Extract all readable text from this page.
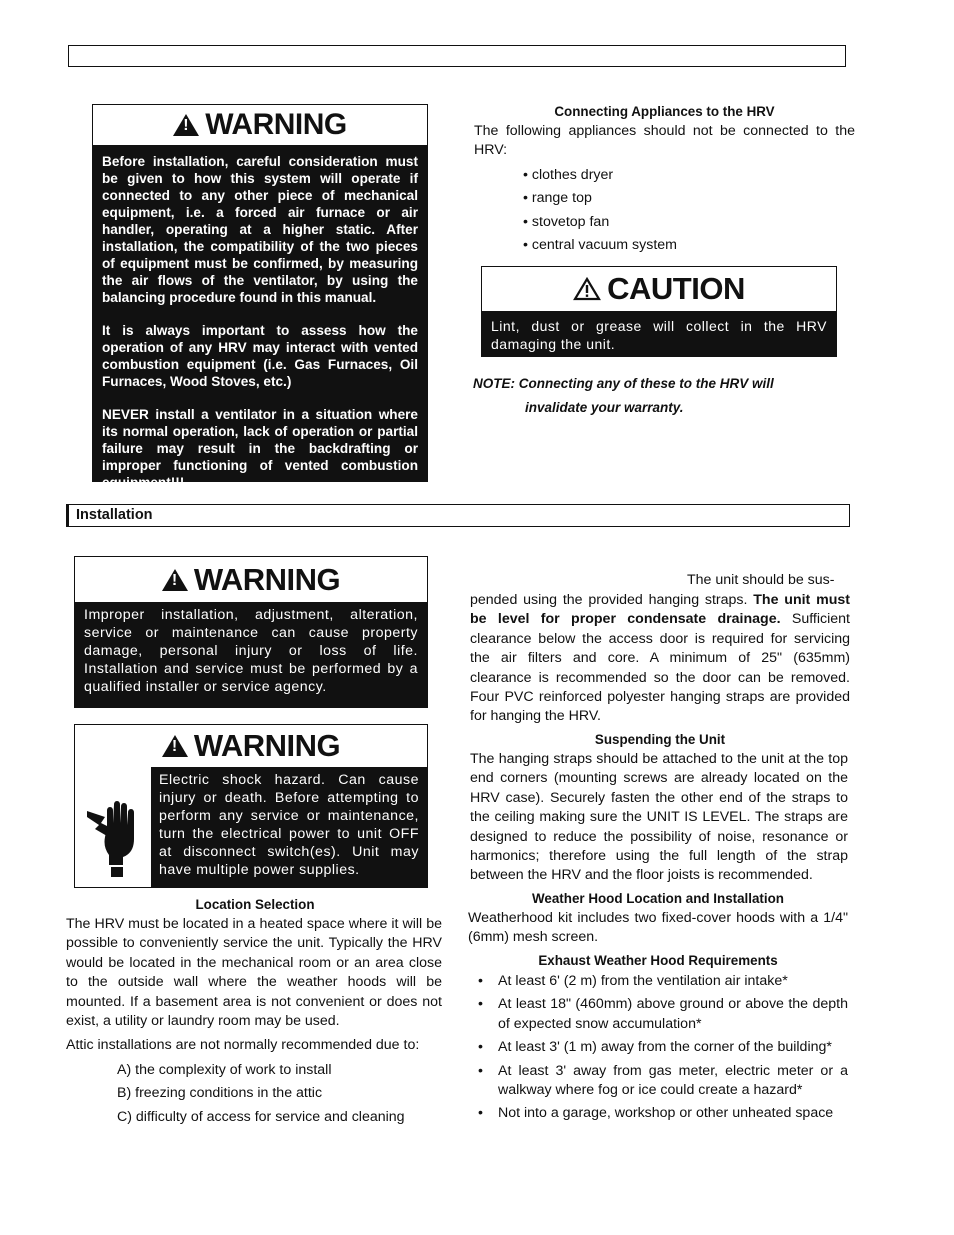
!
WARNING

Before installation, careful consideration must be given to how this system will operate if connected to any other piece of mechanical equipment, i.e. a forced air furnace or air handler, operating at a higher static. After installation, the compatibility of the two pieces of equipment must be confirmed, by measuring the air flows of the ventilator, by using the balancing procedure found in this manual.

It is always important to assess how the operation of any HRV may interact with vented combustion equipment (i.e. Gas Furnaces, Oil Furnaces, Wood Stoves, etc.)

NEVER install a ventilator in a situation where its normal operation, lack of operation or partial failure may result in the backdrafting or improper functioning of vented combustion equipment!!!

Connecting Appliances to the HRV
The following appliances should not be connected to the HRV:
• clothes dryer
• range top
• stovetop fan
• central vacuum system
CAUTION

Lint, dust or grease will collect in the HRV damaging the unit.

NOTE: Connecting any of these to the HRV will
invalidate your warranty.
Installation
!
WARNING

Improper installation, adjustment, alteration, service or maintenance can cause property damage, personal injury or loss of life. Installation and service must be performed by a qualified installer or service agency.

!
WARNING

Electric shock hazard. Can cause injury or death. Before attempting to perform any service or maintenance, turn the electrical power to unit OFF at disconnect switch(es). Unit may have multiple power supplies.

Location Selection
The HRV must be located in a heated space where it will be possible to conveniently service the unit. Typically the HRV would be located in the mechanical room or an area close to the outside wall where the weather hoods will be mounted. If a basement area is not convenient or does not exist, a utility or laundry room may be used.
Attic installations are not normally recommended due to:
A) the complexity of work to install
B) freezing conditions in the attic
C) difficulty of access for service and cleaning
The unit should be sus-
pended using the provided hanging straps. The unit must be level for proper condensate drainage. Sufficient clearance below the access door is required for servicing the air filters and core. A minimum of 25" (635mm) clearance is recommended so the door can be removed. Four PVC reinforced polyester hanging straps are provided for hanging the HRV.
Suspending the Unit
The hanging straps should be attached to the unit at the top end corners (mounting screws are already located on the HRV case). Securely fasten the other end of the straps to the ceiling making sure the UNIT IS LEVEL. The straps are designed to reduce the possibility of noise, resonance or harmonics; therefore using the full length of the strap between the HRV and the floor joists is recommended.
Weather Hood Location and Installation
Weatherhood kit includes two fixed-cover hoods with a 1/4" (6mm) mesh screen.
Exhaust Weather Hood Requirements
•	At least 6' (2 m) from the ventilation air intake*
•	At least 18" (460mm) above ground or above the depth of expected snow accumulation*
•	At least 3' (1 m) away from the corner of the building*
•	At least 3' away from gas meter, electric meter or a walkway where fog or ice could create a hazard*
•	Not into a garage, workshop or other unheated space
